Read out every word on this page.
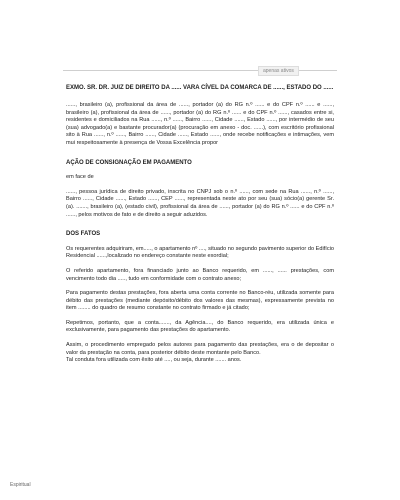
apenas ativos

EXMO. SR. DR. JUIZ DE DIREITO DA ...... VARA CÍVEL DA COMARCA DE ......, ESTADO DO ......

......, brasileiro (a), profissional da área de ......, portador (a) do RG n.º ...... e do CPF n.º ...... e ......, brasileiro (a), profissional da área de ......, portador (a) do RG n.º ...... e do CPF n.º ......, casados entre si, residentes e domiciliados na Rua ......, n.º ......, Bairro ......, Cidade ......, Estado ......, por intermédio de seu (sua) advogado(a) e bastante procurador(a) (procuração em anexo - doc. ......), com escritório profissional sito à Rua ......, n.º ......, Bairro ......, Cidade ......, Estado ......, onde recebe notificações e intimações, vem mui respeitosamente à presença de Vossa Excelência propor

AÇÃO DE CONSIGNAÇÃO EM PAGAMENTO

em face de

......, pessoa jurídica de direito privado, inscrita no CNPJ sob o n.º ......, com sede na Rua ......, n.º ......, Bairro ......, Cidade ......, Estado ......, CEP ......, representada neste ato por seu (sua) sócio(a) gerente Sr. (a). ......., brasileiro (a), (estado civil), profissional da área de ......, portador (a) do RG n.º ...... e do CPF n.º ......, pelos motivos de fato e de direito a seguir aduzidos.

DOS FATOS

Os requerentes adquiriram, em....., o apartamento nº ...., situado no segundo pavimento superior do Edifício Residencial ......,localizado no endereço constante neste exordial;

O referido apartamento, fora financiado junto ao Banco requerido, em ......, ...... prestações, com vencimento todo dia ....., tudo em conformidade com o contrato anexo;

Para pagamento destas prestações, fora aberta uma conta corrente no Banco-réu, utilizada somente para débito das prestações (mediante depósito/débito dos valores das mesmas), expressamente prevista no item ........ do quadro de resumo constante no contrato firmado e já citado;

Repetimos, portanto, que a conta......., da Agência...., do Banco requerido, era utilizada única e exclusivamente, para pagamento das prestações do apartamento.

Assim, o procedimento empregado pelos autores para pagamento das prestações, era o de depositar o valor da prestação na conta, para posterior débito deste montante pelo Banco.

Tal conduta fora utilizada com êxito até ...., ou seja, durante ....... anos.

Espiritual
